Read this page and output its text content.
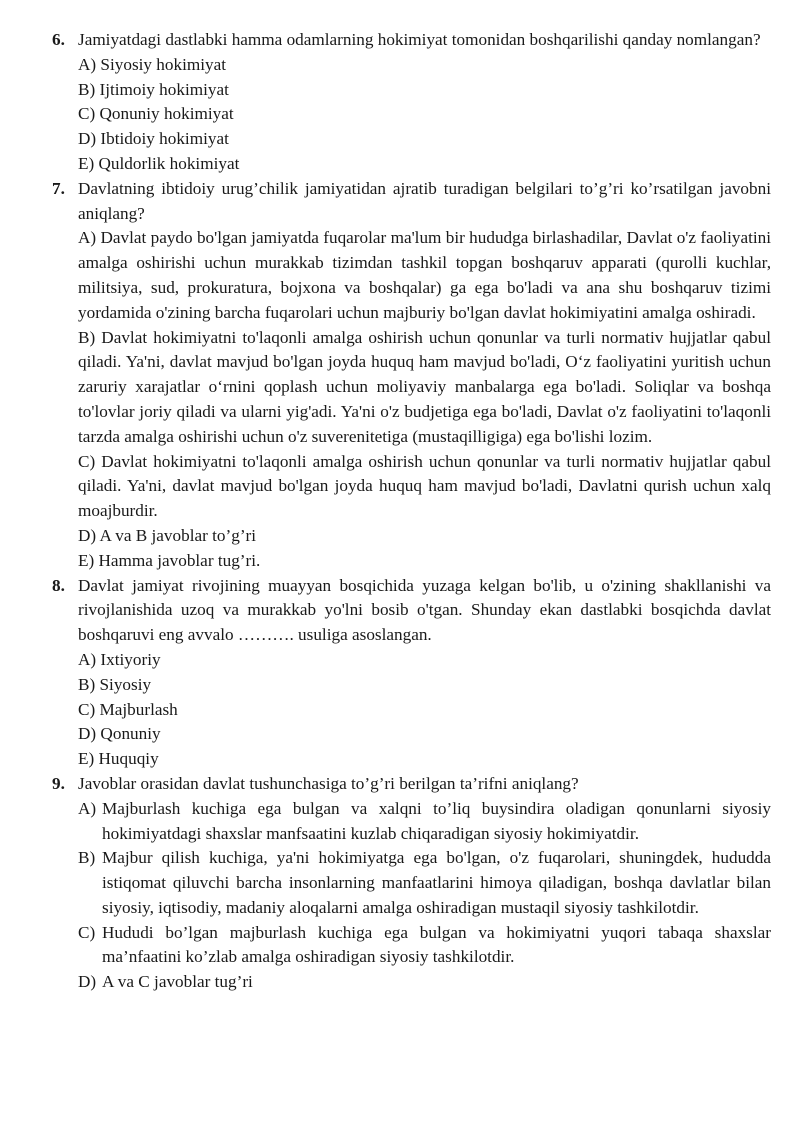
6. Jamiyatdagi dastlabki hamma odamlarning hokimiyat tomonidan boshqarilishi qanday nomlangan?
A) Siyosiy hokimiyat
B) Ijtimoiy hokimiyat
C) Qonuniy hokimiyat
D) Ibtidoiy hokimiyat
E) Quldorlik hokimiyat
7. Davlatning ibtidoiy urug’chilik jamiyatidan ajratib turadigan belgilari to’g’ri ko’rsatilgan javobni aniqlang?
A) Davlat paydo bo'lgan jamiyatda fuqarolar ma'lum bir hududga birlashadilar, Davlat o'z faoliyatini amalga oshirishi uchun murakkab tizimdan tashkil topgan boshqaruv apparati (qurolli kuchlar, militsiya, sud, prokuratura, bojxona va boshqalar) ga ega bo'ladi va ana shu boshqaruv tizimi yordamida o'zining barcha fuqarolari uchun majburiy bo'lgan davlat hokimiyatini amalga oshiradi.
B) Davlat hokimiyatni to'laqonli amalga oshirish uchun qonunlar va turli normativ hujjatlar qabul qiladi. Ya'ni, davlat mavjud bo'lgan joyda huquq ham mavjud bo'ladi, O‘z faoliyatini yuritish uchun zaruriy xarajatlar o‘rnini qoplash uchun moliyaviy manbalarga ega bo'ladi. Soliqlar va boshqa to'lovlar joriy qiladi va ularni yig'adi. Ya'ni o'z budjetiga ega bo'ladi, Davlat o'z faoliyatini to'laqonli tarzda amalga oshirishi uchun o'z suverenitetiga (mustaqilligiga) ega bo'lishi lozim.
C) Davlat hokimiyatni to'laqonli amalga oshirish uchun qonunlar va turli normativ hujjatlar qabul qiladi. Ya'ni, davlat mavjud bo'lgan joyda huquq ham mavjud bo'ladi, Davlatni qurish uchun xalq moajburdir.
D) A va B javoblar to’g’ri
E) Hamma javoblar tug’ri.
8. Davlat jamiyat rivojining muayyan bosqichida yuzaga kelgan bo'lib, u o'zining shakllanishi va rivojlanishida uzoq va murakkab yo'lni bosib o'tgan. Shunday ekan dastlabki bosqichda davlat boshqaruvi eng avvalo ………. usuliga asoslangan.
A) Ixtiyoriy
B) Siyosiy
C) Majburlash
D) Qonuniy
E) Huquqiy
9. Javoblar orasidan davlat tushunchasiga to’g’ri berilgan ta’rifni aniqlang?
A) Majburlash kuchiga ega bulgan va xalqni to’liq buysindira oladigan qonunlarni siyosiy hokimiyatdagi shaxslar manfsaatini kuzlab chiqaradigan siyosiy hokimiyatdir.
B) Majbur qilish kuchiga, ya'ni hokimiyatga ega bo'lgan, o'z fuqarolari, shuningdek, hududda istiqomat qiluvchi barcha insonlarning manfaatlarini himoya qiladigan, boshqa davlatlar bilan siyosiy, iqtisodiy, madaniy aloqalarni amalga oshiradigan mustaqil siyosiy tashkilotdir.
C) Hududi bo’lgan majburlash kuchiga ega bulgan va hokimiyatni yuqori tabaqa shaxslar ma’nfaatini ko’zlab amalga oshiradigan siyosiy tashkilotdir.
D) A va C javoblar tug’ri
